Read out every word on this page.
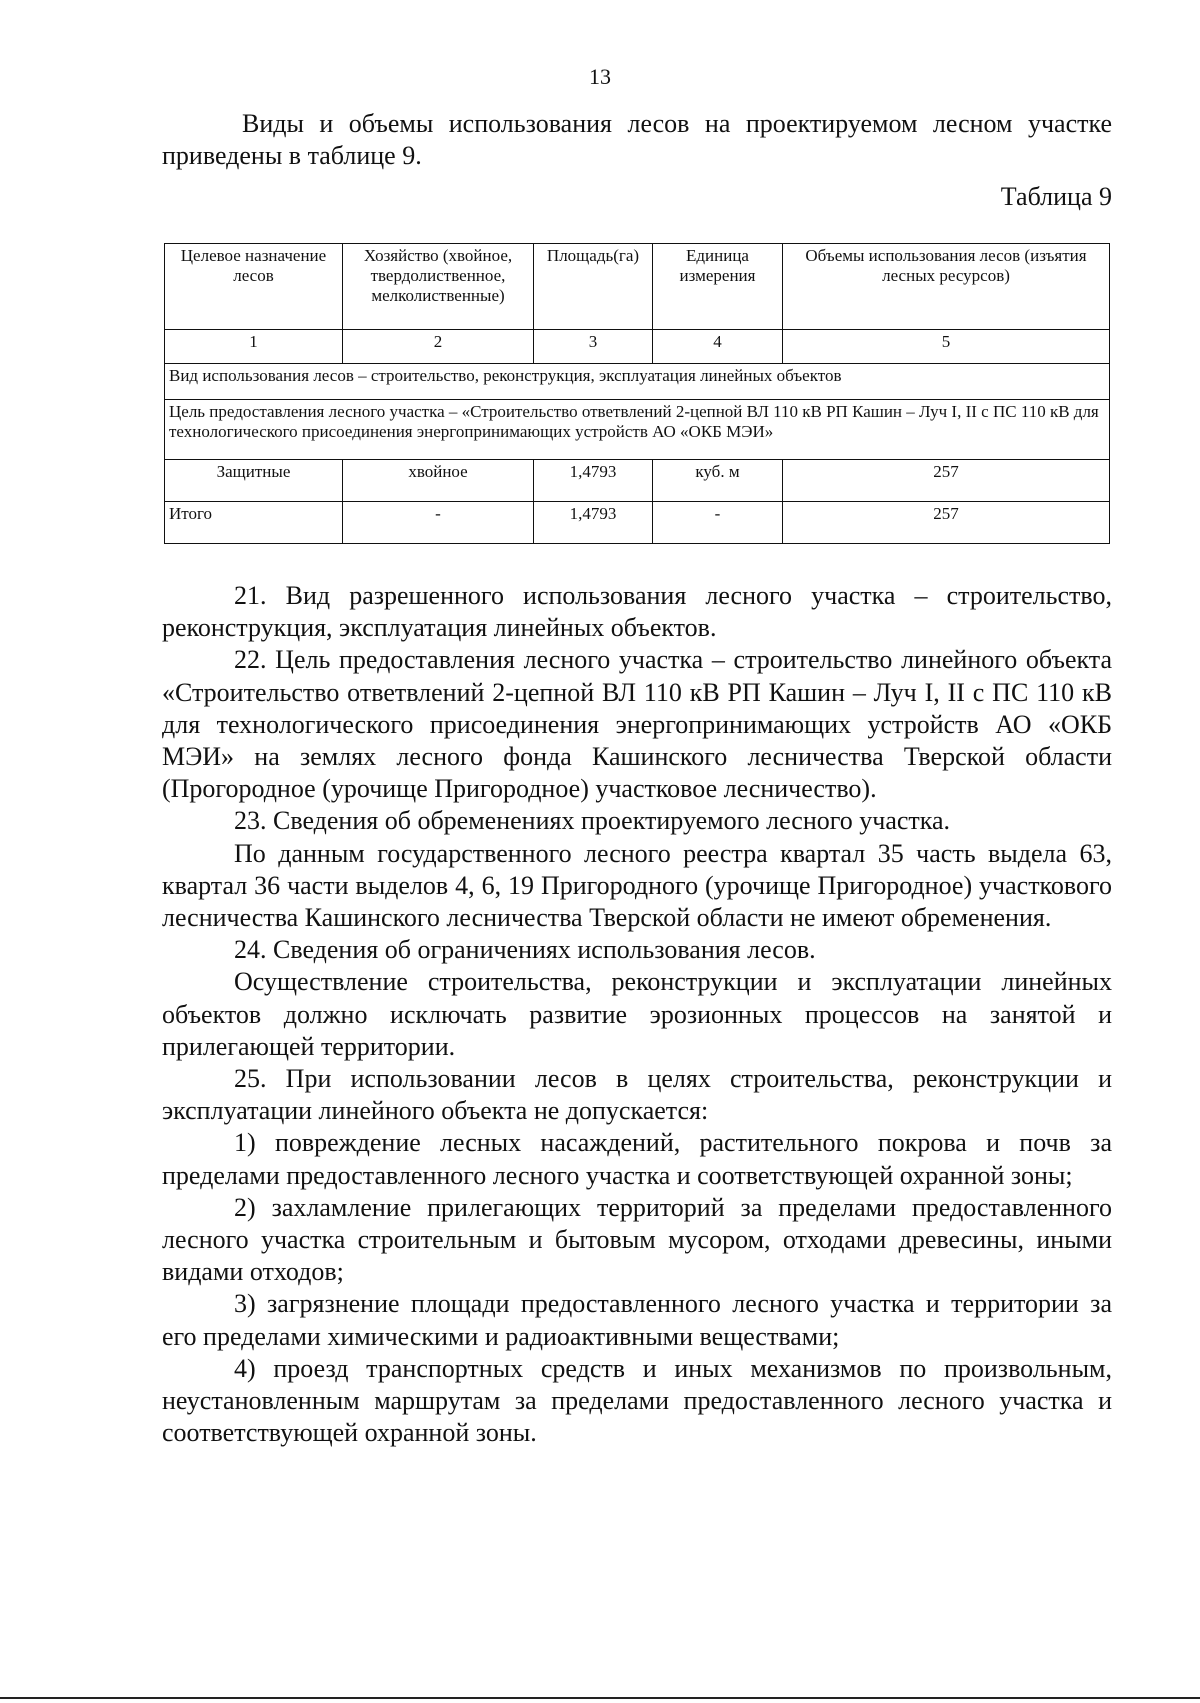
13

Виды и объемы использования лесов на проектируемом лесном участке приведены в таблице 9.

Таблица 9
Целевое назначение лесов	Хозяйство (хвойное, твердолиственное, мелколиственные)	Площадь(га)	Единица измерения	Объемы использования лесов (изъятия лесных ресурсов)
1	2	3	4	5
Вид использования лесов – строительство, реконструкция, эксплуатация линейных объектов				
Цель предоставления лесного участка – «Строительство ответвлений 2-цепной ВЛ 110 кВ РП Кашин – Луч I, II с ПС 110 кВ для технологического присоединения энергопринимающих устройств АО «ОКБ МЭИ»				
Защитные	хвойное	1,4793	куб. м	257
Итого	-	1,4793	-	257

21. Вид разрешенного использования лесного участка – строительство, реконструкция, эксплуатация линейных объектов.

22. Цель предоставления лесного участка – строительство линейного объекта «Строительство ответвлений 2-цепной ВЛ 110 кВ РП Кашин – Луч I, II с ПС 110 кВ для технологического присоединения энергопринимающих устройств АО «ОКБ МЭИ» на землях лесного фонда Кашинского лесничества Тверской области (Прогородное (урочище Пригородное) участковое лесничество).

23. Сведения об обременениях проектируемого лесного участка.

По данным государственного лесного реестра квартал 35 часть выдела 63, квартал 36 части выделов 4, 6, 19 Пригородного (урочище Пригородное) участкового лесничества Кашинского лесничества Тверской области не имеют обременения.

24. Сведения об ограничениях использования лесов.

Осуществление строительства, реконструкции и эксплуатации линейных объектов должно исключать развитие эрозионных процессов на занятой и прилегающей территории.

25. При использовании лесов в целях строительства, реконструкции и эксплуатации линейного объекта не допускается:

1) повреждение лесных насаждений, растительного покрова и почв за пределами предоставленного лесного участка и соответствующей охранной зоны;

2) захламление прилегающих территорий за пределами предоставленного лесного участка строительным и бытовым мусором, отходами древесины, иными видами отходов;

3) загрязнение площади предоставленного лесного участка и территории за его пределами химическими и радиоактивными веществами;

4) проезд транспортных средств и иных механизмов по произвольным, неустановленным маршрутам за пределами предоставленного лесного участка и соответствующей охранной зоны.
